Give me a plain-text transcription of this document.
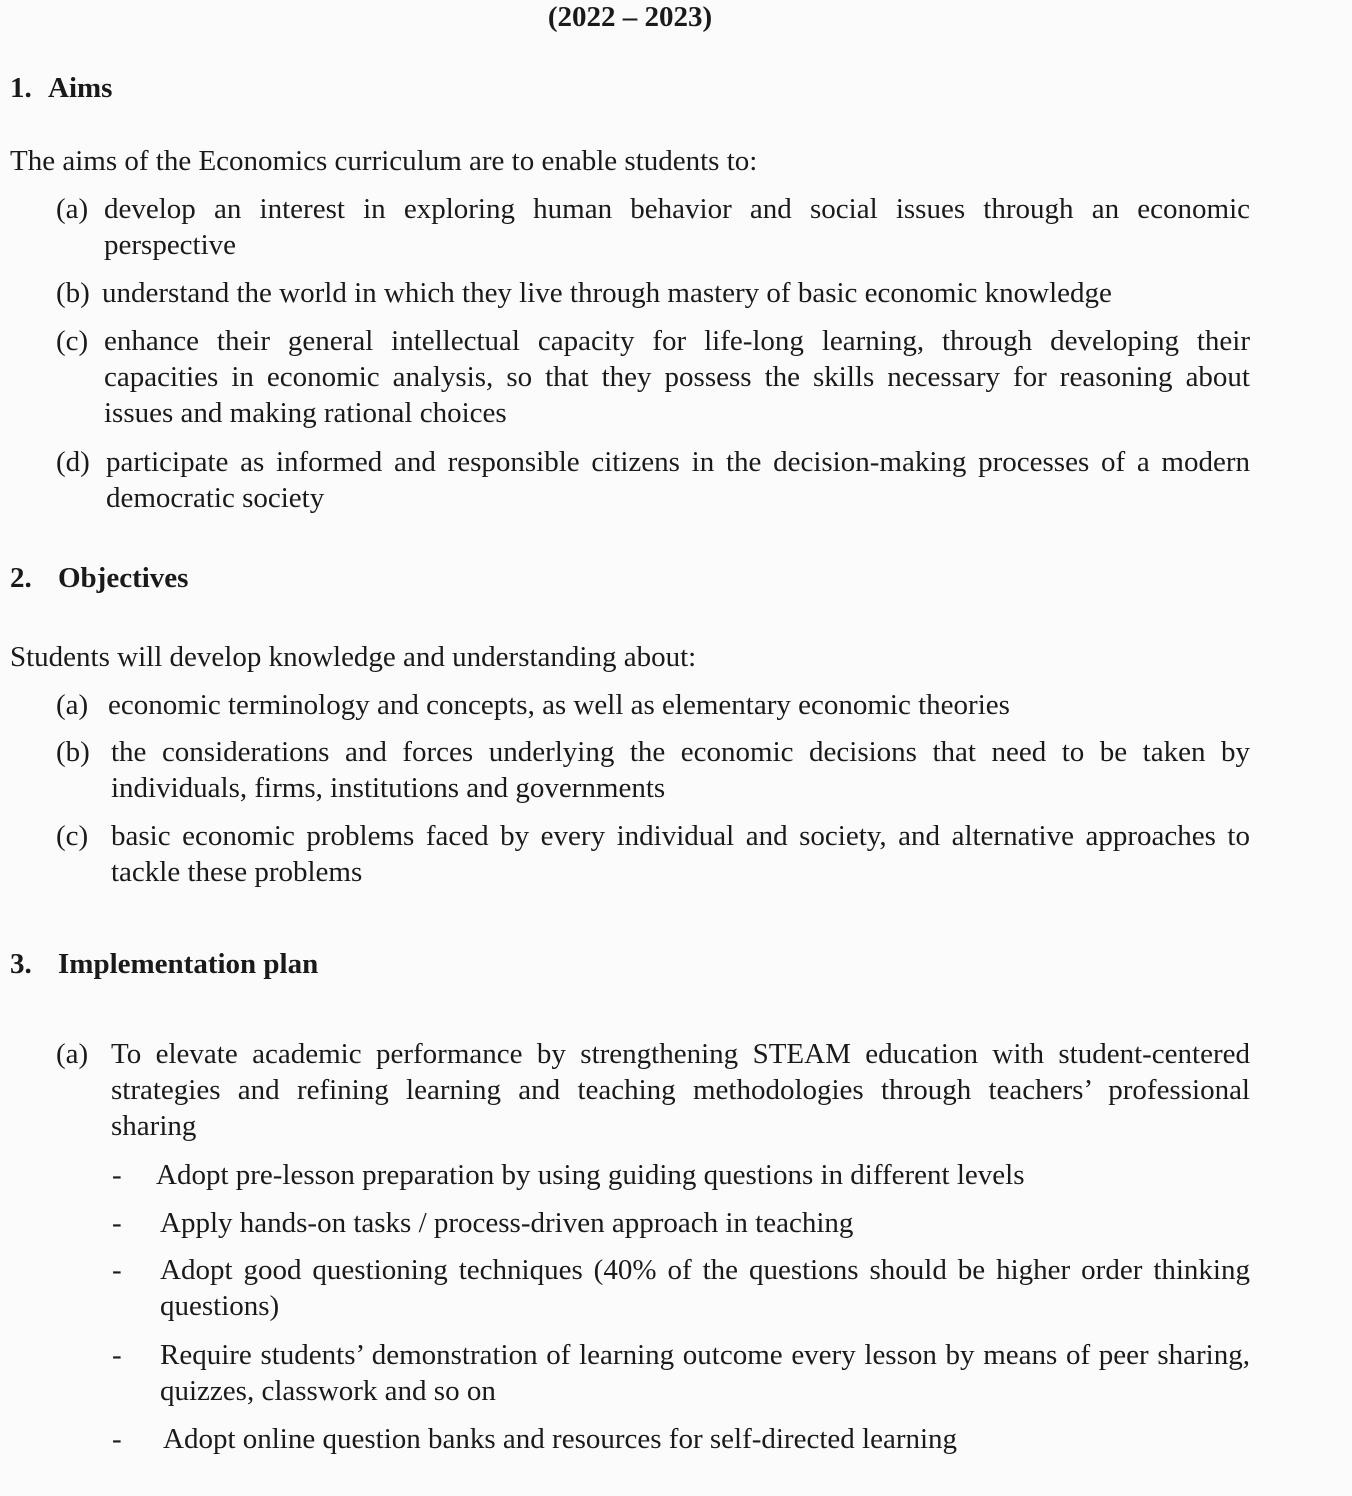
(2022 – 2023)
1. Aims
The aims of the Economics curriculum are to enable students to:
(a) develop an interest in exploring human behavior and social issues through an economic perspective
(b) understand the world in which they live through mastery of basic economic knowledge
(c) enhance their general intellectual capacity for life-long learning, through developing their capacities in economic analysis, so that they possess the skills necessary for reasoning about issues and making rational choices
(d) participate as informed and responsible citizens in the decision-making processes of a modern democratic society
2. Objectives
Students will develop knowledge and understanding about:
(a) economic terminology and concepts, as well as elementary economic theories
(b) the considerations and forces underlying the economic decisions that need to be taken by individuals, firms, institutions and governments
(c) basic economic problems faced by every individual and society, and alternative approaches to tackle these problems
3. Implementation plan
(a) To elevate academic performance by strengthening STEAM education with student-centered strategies and refining learning and teaching methodologies through teachers’ professional sharing
- Adopt pre-lesson preparation by using guiding questions in different levels
- Apply hands-on tasks / process-driven approach in teaching
- Adopt good questioning techniques (40% of the questions should be higher order thinking questions)
- Require students’ demonstration of learning outcome every lesson by means of peer sharing, quizzes, classwork and so on
- Adopt online question banks and resources for self-directed learning
